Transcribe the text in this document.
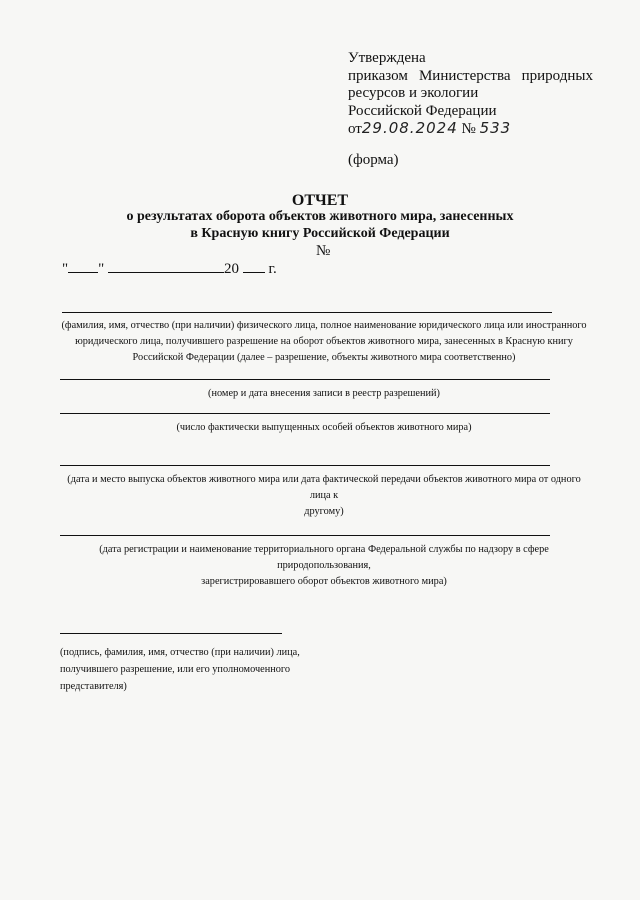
Утверждена
приказом Министерства природных
ресурсов и экологии
Российской Федерации
от29.08.2024 № 533
(форма)
ОТЧЕТ
о результатах оборота объектов животного мира, занесенных
в Красную книгу Российской Федерации
№
" "	20 г.
(фамилия, имя, отчество (при наличии) физического лица, полное наименование юридического лица или иностранного
юридического лица, получившего разрешение на оборот объектов животного мира, занесенных в Красную книгу
Российской Федерации (далее – разрешение, объекты животного мира соответственно)
(номер и дата внесения записи в реестр разрешений)
(число фактически выпущенных особей объектов животного мира)
(дата и место выпуска объектов животного мира или дата фактической передачи объектов животного мира от одного лица к
другому)
(дата регистрации и наименование территориального органа Федеральной службы по надзору в сфере природопользования,
зарегистрировавшего оборот объектов животного мира)
(подпись, фамилия, имя, отчество (при наличии) лица,
получившего разрешение, или его уполномоченного
представителя)
